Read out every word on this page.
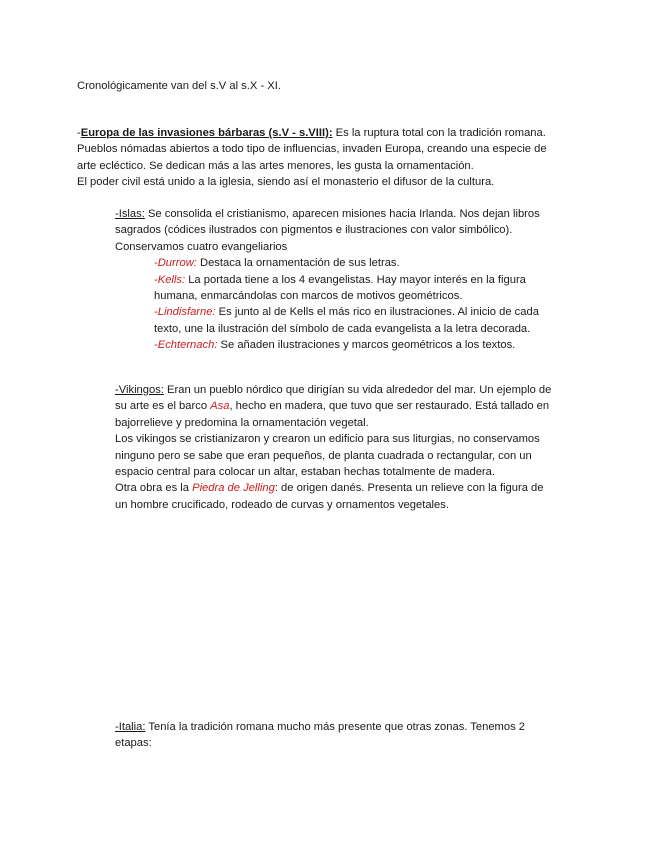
Cronológicamente van del s.V al s.X - XI.

-Europa de las invasiones bárbaras (s.V - s.VIII): Es la ruptura total con la tradición romana.

Pueblos nómadas abiertos a todo tipo de influencias, invaden Europa, creando una especie de

arte ecléctico. Se dedican más a las artes menores, les gusta la ornamentación.

El poder civil está unido a la iglesia, siendo así el monasterio el difusor de la cultura.

-Islas: Se consolida el cristianismo, aparecen misiones hacia Irlanda. Nos dejan libros

sagrados (códices ilustrados con pigmentos e ilustraciones con valor simbólico).

Conservamos cuatro evangeliarios

-Durrow: Destaca la ornamentación de sus letras.

-Kells: La portada tiene a los 4 evangelistas. Hay mayor interés en la figura

humana, enmarcándolas con marcos de motivos geométricos.

-Lindisfarne: Es junto al de Kells el más rico en ilustraciones. Al inicio de cada

texto, une la ilustración del símbolo de cada evangelista a la letra decorada.

-Echternach: Se añaden ilustraciones y marcos geométricos a los textos.

-Vikingos: Eran un pueblo nórdico que dirigían su vida alrededor del mar. Un ejemplo de

su arte es el barco Asa, hecho en madera, que tuvo que ser restaurado. Está tallado en

bajorrelieve y predomina la ornamentación vegetal.

Los vikingos se cristianizaron y crearon un edificio para sus liturgias, no conservamos

ninguno pero se sabe que eran pequeños, de planta cuadrada o rectangular, con un

espacio central para colocar un altar, estaban hechas totalmente de madera.

Otra obra es la Piedra de Jelling: de origen danés. Presenta un relieve con la figura de

un hombre crucificado, rodeado de curvas y ornamentos vegetales.

-Italia: Tenía la tradición romana mucho más presente que otras zonas. Tenemos 2

etapas:
